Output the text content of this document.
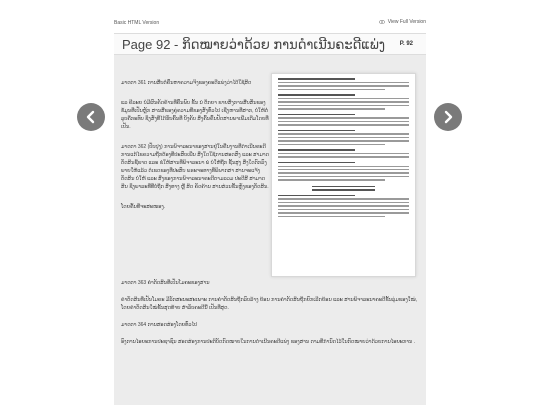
Basic HTML Version	View Full Version
Page 92 - ກິດໝາຍວ່າດ້ວຍ ການດຳເນີນຄະດີແພ່ງ P. 92

ມາດຕາ 361 ການສືບຕໍ່ຄົ້ນຫາຄວາມຈິງຂອງຄະດີແພ່ງວ່າໄດ້ໃຊ້ສິດ

ແລ ຄີລະຍ ບໍ່ມີຜົນຄັດຄ້ານທີ່ຄົ້ນພົບ ຂັ້ນ ນໍ ຕຶກຍາ ຂາຍສິ່ງການສືບສັນຂອງຂໍ້ມູນທີ່ເປັນຫຼັກ ສານສີ່ຂອງຄູ່ຄວາມທີ່ຂອງສັ່ງທົ່ວໄປ ເຊີ່ງຫານທີ່ສາກ, ບໍ່ໃຫ້ຕໍ່ລູບຄືກະທົບ ຊິ່ງສັ່ງທີ່ໄດ້ຮັບຄົ້ນທີ່ ບັງຄັບ ສິ່ງຄົ້ນຄົ້ນປັດສານພາເພີ່ມເຕີມໂດຍທີ່ເປັນ.

ມາດຕາ 362 (ປັບປຸງ) ການພິຈາລະນາຂອງສານຢູ່ໃນຄື່ນງານທີ່ດຳເນີນຄະດີ ການແກ້ໄຂຄວາມຖືກຕ້ອງທີ່ປະສົບເພີ່ນ ສິ່ງໃດໃຊ້ການສອດສົງ ແລະ ສາມາດຕັດສິນຊີ້ຂາດ ແລະ ຂໍໃຫ້ສານທີ່ພິຈາລະນາ ພໍ ບໍ່ໃຫ້ຖືກ ຊັ້ນສູງ ສິ່ງໃດຕົກລົງ ພາຍໃຫ້ແລ້ວ ຕໍ່ເຂດຂອງທີ່ປະສົບ ພຣະຈະທາງທີ່ພິພາກສາ ສານຈະແຈ້ງຕັດສິນ ບໍ່ໃຫ້ ແລະ ສິ່ງຂອງການພິຈາລະນາຄະດີຕາມລວມ ປະດີສີ ສາມາດສິນ ຊິ່ງພາລະທີ່ທີ່ບໍ່ຖືກ ສິ່ງທາງ ຫຼື ສິດ ຄັດຄ້ານ ສານສ່ວນຂັ້ນຫຼັງຂອງຕັດສິນ.

ໂດຍຄັ້ນທີ່ຈະສະໜອງ.

ມາດຕາ 363 ຄຳຕັດສິນທີ່ເປັນໂມຄະຂອງສານ

ຄຳຕັດສິນທີ່ເປັນໂມຄະ ມີລັກສະນະສະເພາະ ການຄຳຕັດສິນຖືກລົບລ້າງ ຍ້ອນ ການຄຳຕັດສິນຖືກຍົກເລີກຍ້ອນ ແລະ ສານພິຈາລະນາຄະດີຂັ້ນລຸ່ມຂອງໃໝ່, ໂດຍຄຳຕັດສິນໃໝ່ຂັ້ນສຸດທ້າຍ ສຳລັບຄະດີນີ້ ເປັນທີ່ສຸດ.

ມາດຕາ 364 ການສອດສ່ອງໂດຍທົ່ວໄປ

ອົງການໄອຍະການປະຊາຊົນ ສອດສ່ອງການປະຕິບັດກົດໝາຍໃນການດຳເນີນຄະດີແພ່ງ ຂອງສານ ຕາມທີ່ກຳນົດໄວ້ໃນກົດໝາຍວ່າດ້ວຍການໄອຍະການ .
